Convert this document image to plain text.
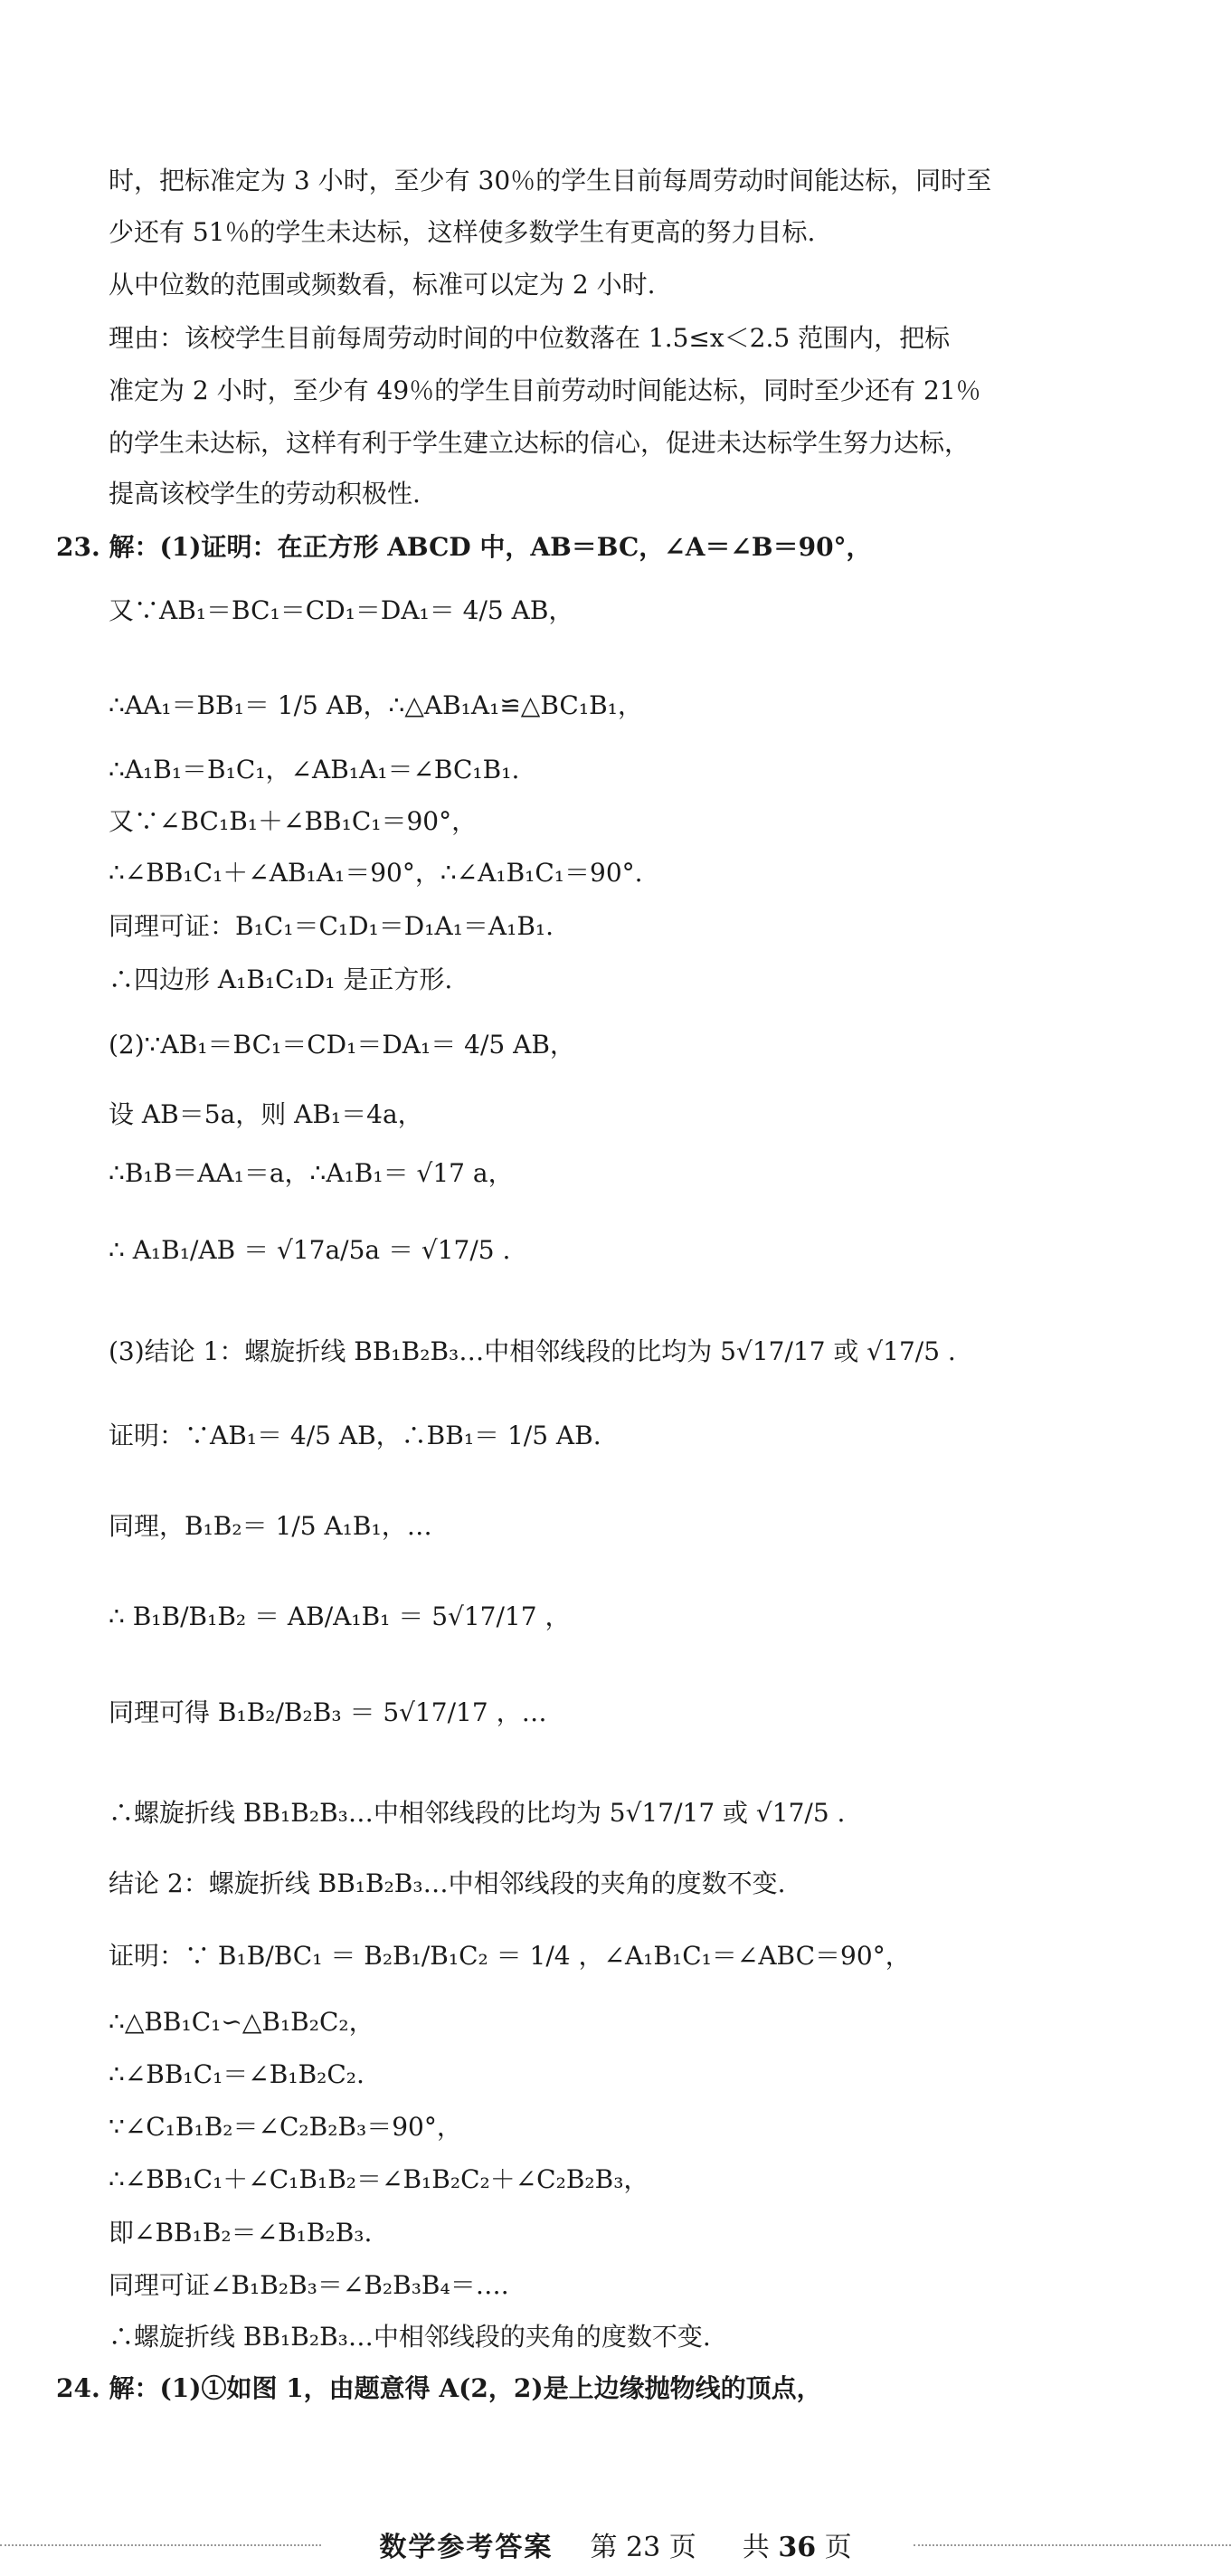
时，把标准定为 3 小时，至少有 30％的学生目前每周劳动时间能达标，同时至
少还有 51％的学生未达标，这样使多数学生有更高的努力目标.
从中位数的范围或频数看，标准可以定为 2 小时.
理由：该校学生目前每周劳动时间的中位数落在 1.5≤x＜2.5 范围内，把标
准定为 2 小时，至少有 49％的学生目前劳动时间能达标，同时至少还有 21％
的学生未达标，这样有利于学生建立达标的信心，促进未达标学生努力达标，
提高该校学生的劳动积极性.
23. 解：(1)证明：在正方形 ABCD 中，AB＝BC，∠A＝∠B＝90°，
又∵AB₁＝BC₁＝CD₁＝DA₁＝ 4/5 AB，
∴AA₁＝BB₁＝ 1/5 AB，∴△AB₁A₁≌△BC₁B₁，
∴A₁B₁＝B₁C₁，∠AB₁A₁＝∠BC₁B₁.
又∵∠BC₁B₁＋∠BB₁C₁＝90°，
∴∠BB₁C₁＋∠AB₁A₁＝90°，∴∠A₁B₁C₁＝90°.
同理可证：B₁C₁＝C₁D₁＝D₁A₁＝A₁B₁.
∴四边形 A₁B₁C₁D₁ 是正方形.
(2)∵AB₁＝BC₁＝CD₁＝DA₁＝ 4/5 AB，
设 AB＝5a，则 AB₁＝4a，
∴B₁B＝AA₁＝a，∴A₁B₁＝ √17 a，
∴ A₁B₁/AB ＝ √17a/5a ＝ √17/5 .
(3)结论 1：螺旋折线 BB₁B₂B₃…中相邻线段的比均为 5√17/17 或 √17/5 .
证明：∵AB₁＝ 4/5 AB，∴BB₁＝ 1/5 AB.
同理，B₁B₂＝ 1/5 A₁B₁，…
∴ B₁B/B₁B₂ ＝ AB/A₁B₁ ＝ 5√17/17 ，
同理可得 B₁B₂/B₂B₃ ＝ 5√17/17 ，…
∴螺旋折线 BB₁B₂B₃…中相邻线段的比均为 5√17/17 或 √17/5 .
结论 2：螺旋折线 BB₁B₂B₃…中相邻线段的夹角的度数不变.
证明：∵ B₁B/BC₁ ＝ B₂B₁/B₁C₂ ＝ 1/4 ，∠A₁B₁C₁＝∠ABC＝90°，
∴△BB₁C₁∽△B₁B₂C₂，
∴∠BB₁C₁＝∠B₁B₂C₂.
∵∠C₁B₁B₂＝∠C₂B₂B₃＝90°，
∴∠BB₁C₁＋∠C₁B₁B₂＝∠B₁B₂C₂＋∠C₂B₂B₃，
即∠BB₁B₂＝∠B₁B₂B₃.
同理可证∠B₁B₂B₃＝∠B₂B₃B₄＝….
∴螺旋折线 BB₁B₂B₃…中相邻线段的夹角的度数不变.
24. 解：(1)①如图 1，由题意得 A(2，2)是上边缘抛物线的顶点，
数学参考答案 第 23 页 共 36 页
